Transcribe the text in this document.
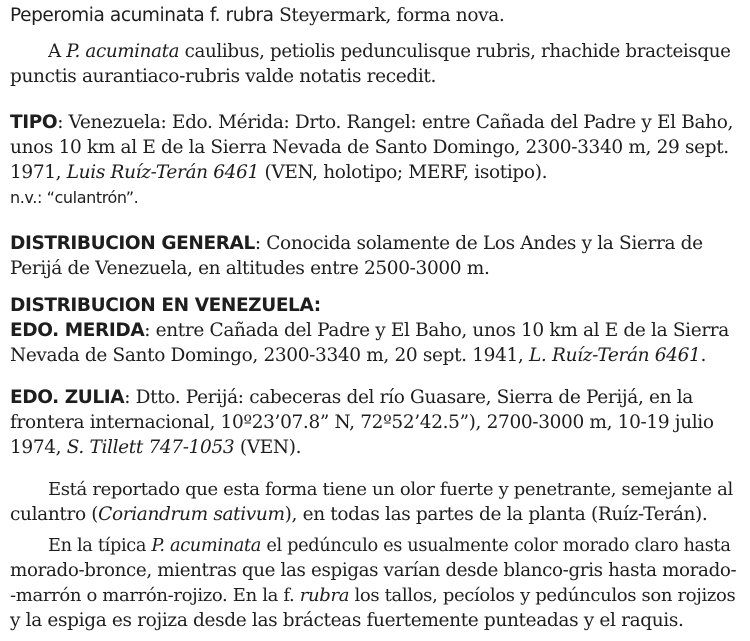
Peperomia acuminata f. rubra Steyermark, forma nova.
A P. acuminata caulibus, petiolis pedunculisque rubris, rhachide bracteisque
punctis aurantiaco-rubris valde notatis recedit.
TIPO: Venezuela: Edo. Mérida: Drto. Rangel: entre Cañada del Padre y El Baho,
unos 10 km al E de la Sierra Nevada de Santo Domingo, 2300-3340 m, 29 sept.
1971, Luis Ruíz-Terán 6461 (VEN, holotipo; MERF, isotipo).
n.v.: “culantrón”.
DISTRIBUCION GENERAL: Conocida solamente de Los Andes y la Sierra de
Perijá de Venezuela, en altitudes entre 2500-3000 m.
DISTRIBUCION EN VENEZUELA:
EDO. MERIDA: entre Cañada del Padre y El Baho, unos 10 km al E de la Sierra
Nevada de Santo Domingo, 2300-3340 m, 20 sept. 1941, L. Ruíz-Terán 6461.
EDO. ZULIA: Dtto. Perijá: cabeceras del río Guasare, Sierra de Perijá, en la
frontera internacional, 10º23’07.8” N, 72º52’42.5”), 2700-3000 m, 10-19 julio
1974, S. Tillett 747-1053 (VEN).
Está reportado que esta forma tiene un olor fuerte y penetrante, semejante al
culantro (Coriandrum sativum), en todas las partes de la planta (Ruíz-Terán).
En la típica P. acuminata el pedúnculo es usualmente color morado claro hasta
morado-bronce, mientras que las espigas varían desde blanco-gris hasta morado-
-marrón o marrón-rojizo. En la f. rubra los tallos, pecíolos y pedúnculos son rojizos
y la espiga es rojiza desde las brácteas fuertemente punteadas y el raquis.
